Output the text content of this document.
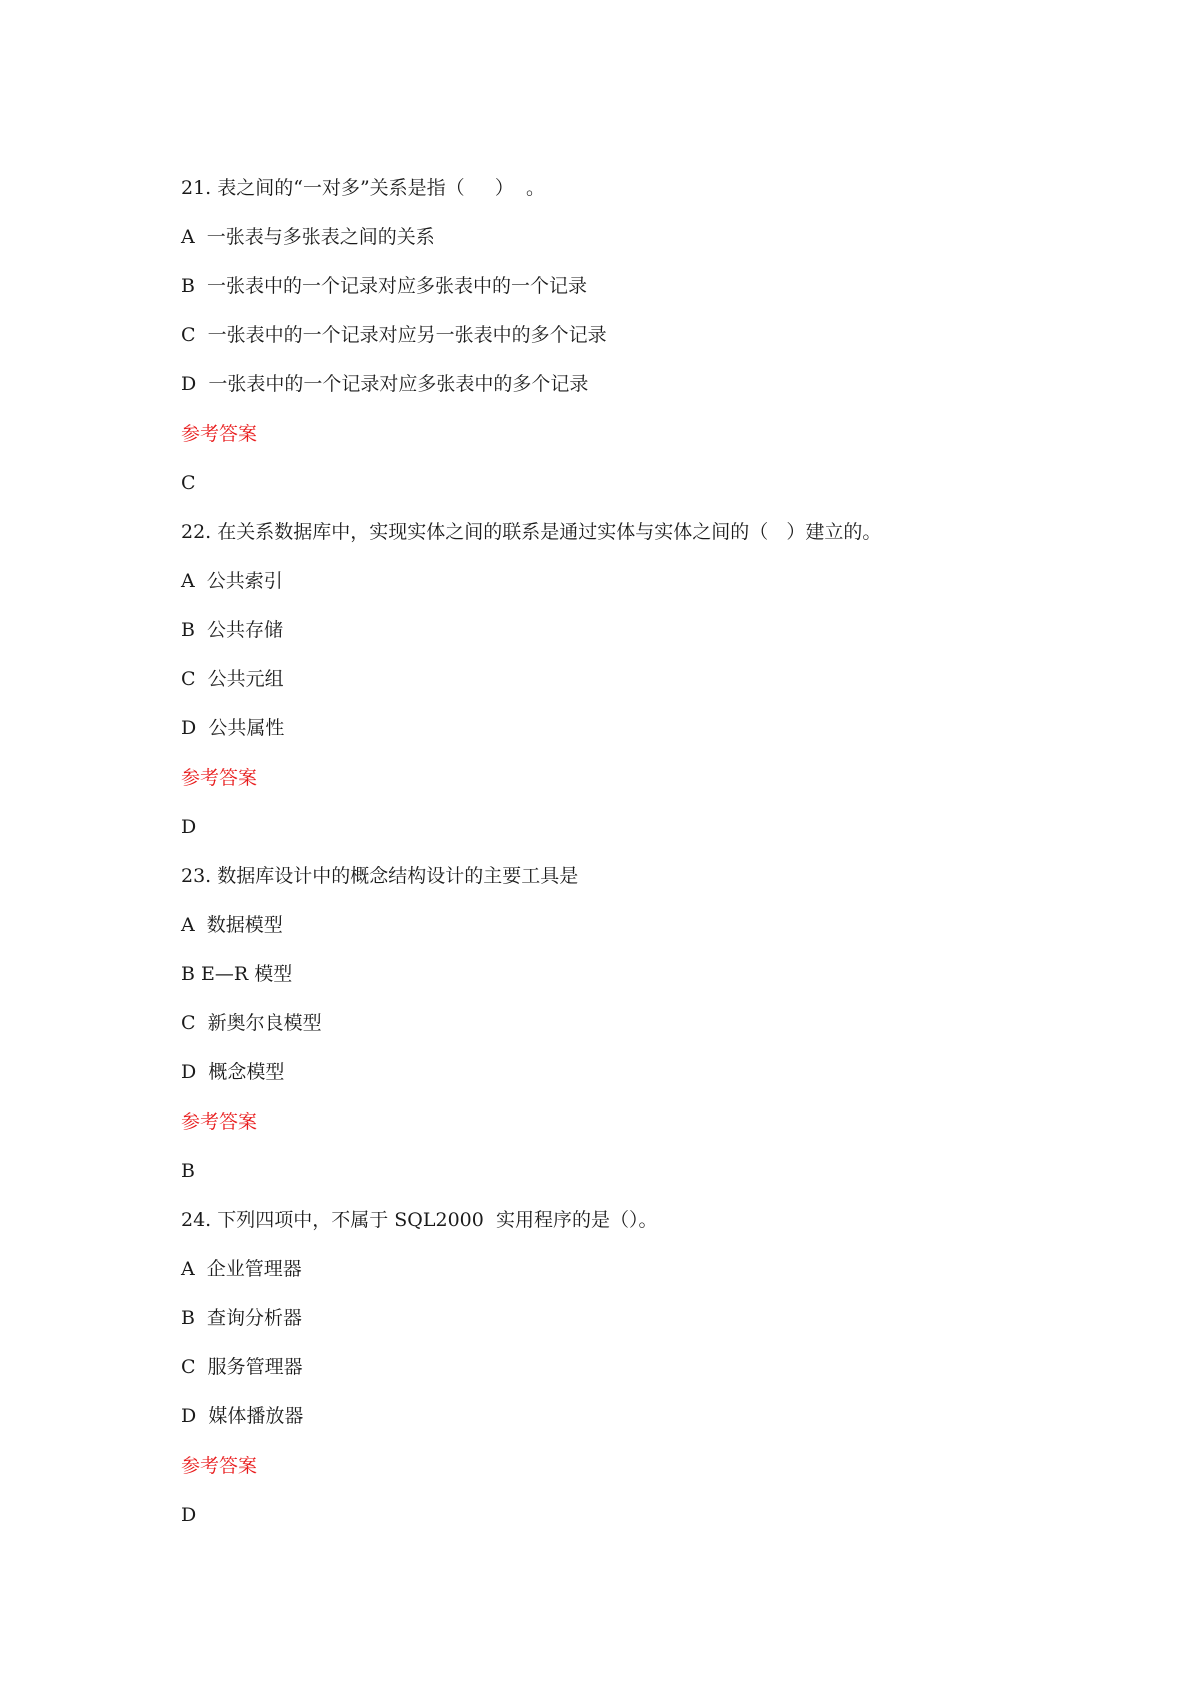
21. 表之间的“一对多”关系是指（     ）  。
A  一张表与多张表之间的关系
B  一张表中的一个记录对应多张表中的一个记录
C  一张表中的一个记录对应另一张表中的多个记录
D  一张表中的一个记录对应多张表中的多个记录
参考答案
C
22. 在关系数据库中，实现实体之间的联系是通过实体与实体之间的（   ）建立的。
A  公共索引
B  公共存储
C  公共元组
D  公共属性
参考答案
D
23. 数据库设计中的概念结构设计的主要工具是
A  数据模型
B E—R 模型
C  新奥尔良模型
D  概念模型
参考答案
B
24. 下列四项中，不属于 SQL2000  实用程序的是（）。
A  企业管理器
B  查询分析器
C  服务管理器
D  媒体播放器
参考答案
D
